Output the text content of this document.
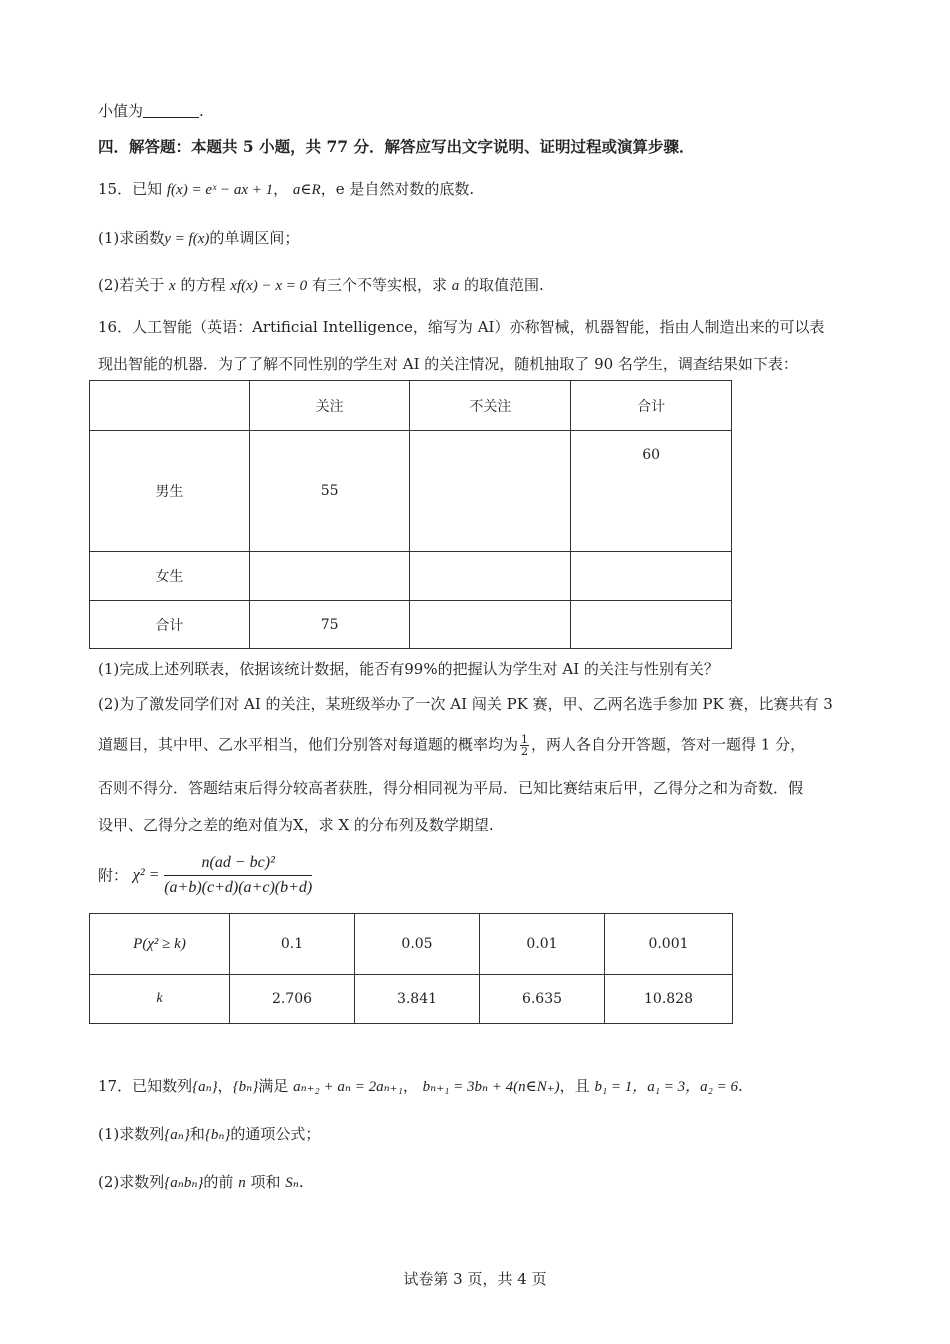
小值为	.
四．解答题：本题共 5 小题，共 77 分．解答应写出文字说明、证明过程或演算步骤．
15．已知 f(x) = eˣ − ax + 1， a∈R，e 是自然对数的底数.
(1)求函数y = f(x)的单调区间；
(2)若关于 x 的方程 xf(x) − x = 0 有三个不等实根，求 a 的取值范围.
16．人工智能（英语：Artificial Intelligence，缩写为 AI）亦称智械，机器智能，指由人制造出来的可以表
现出智能的机器．为了了解不同性别的学生对 AI 的关注情况，随机抽取了 90 名学生，调查结果如下表：
	关注	不关注	合计
男生	55		60
女生			
合计	75		
(1)完成上述列联表，依据该统计数据，能否有99%的把握认为学生对 AI 的关注与性别有关？
(2)为了激发同学们对 AI 的关注，某班级举办了一次 AI 闯关 PK 赛，甲、乙两名选手参加 PK 赛，比赛共有 3
道题目，其中甲、乙水平相当，他们分别答对每道题的概率均为 $\frac{1}{2}$ ，两人各自分开答题，答对一题得 1 分，
否则不得分．答题结束后得分较高者获胜，得分相同视为平局．已知比赛结束后甲，乙得分之和为奇数．假
设甲、乙得分之差的绝对值为X，求 X 的分布列及数学期望.
附： $\chi^2 = \frac{\text{n(ad − bc)²}}{(a+b)(c+d)(a+c)(b+d)}$
P(χ² ≥ k)	0.1	0.05	0.01	0.001
k	2.706	3.841	6.635	10.828
17．已知数列{aₙ}，{bₙ}满足 aₙ₊₂ + aₙ = 2aₙ₊₁， bₙ₊₁ = 3bₙ + 4(n∈N₊)，且 b₁ = 1，a₁ = 3，a₂ = 6.
(1)求数列{aₙ}和{bₙ}的通项公式；
(2)求数列{aₙbₙ}的前 n 项和 Sₙ.
试卷第 3 页，共 4 页
